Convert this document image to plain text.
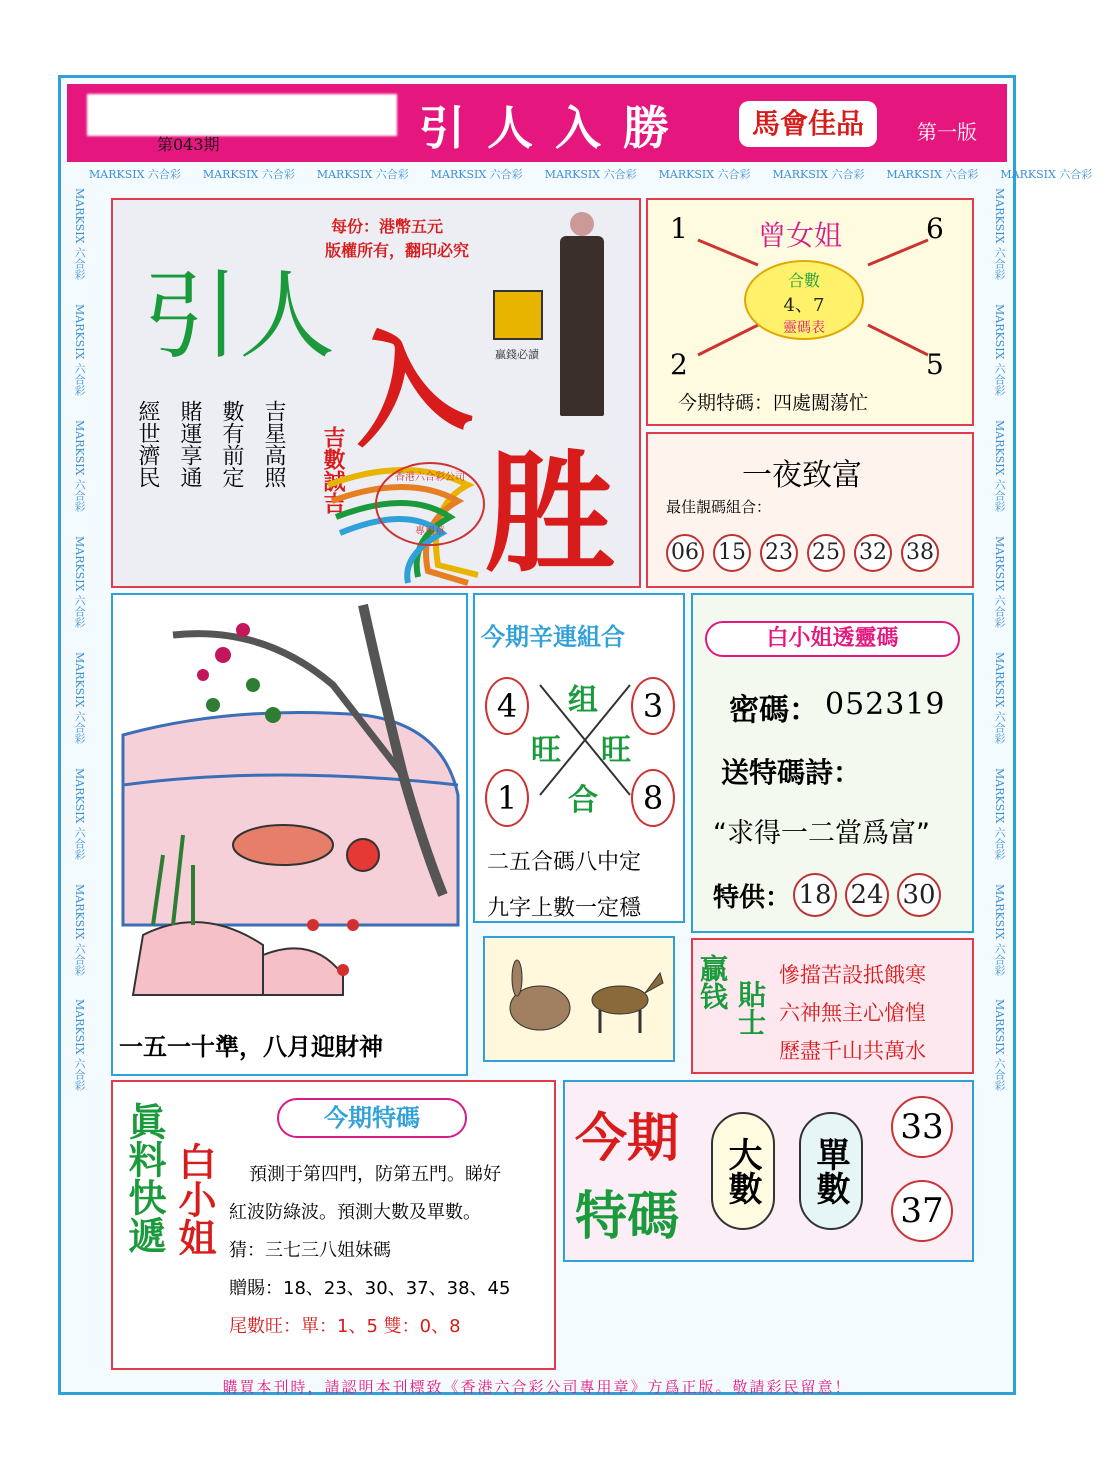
第043期	引人入勝	馬會佳品	第一版
MARKSIX 六合彩 MARKSIX 六合彩 MARKSIX 六合彩 MARKSIX 六合彩 MARKSIX 六合彩 MARKSIX 六合彩 MARKSIX 六合彩 MARKSIX 六合彩 MARKSIX 六合彩
MARKSIX 六合彩MARKSIX 六合彩MARKSIX 六合彩MARKSIX 六合彩MARKSIX 六合彩MARKSIX 六合彩MARKSIX 六合彩MARKSIX 六合彩
MARKSIX 六合彩MARKSIX 六合彩MARKSIX 六合彩MARKSIX 六合彩MARKSIX 六合彩MARKSIX 六合彩MARKSIX 六合彩MARKSIX 六合彩
每份：港幣五元
版權所有，翻印必究
引人 入
胜
贏錢必讀
經世濟民 賭運享通 數有前定 吉星高照 吉數誠吉	香港六合彩公司
專用章
曾女姐
1	6
2	5
合數
4、7
靈碼表
今期特碼：四處闖蕩忙
一夜致富
最佳靚碼組合：
06 15 23 25 32 38
一五一十準，八月迎財神
今期辛連組合
4	3
1	8
组
旺 旺
合
二五合碼八中定
九字上數一定穩
白小姐透靈碼
密碼： 052319
送特碼詩：
“求得一二當爲富”
特供： 18 24 30
贏钱 貼士
慘擋苦設抵餓寒
六神無主心愴惶
歷盡千山共萬水
眞料快遞 白小姐
今期特碼
預測于第四門，防第五門。睇好
紅波防綠波。預測大數及單數。
猜：三七三八姐妹碼
贈賜：18、23、30、37、38、45
尾數旺：單：1、5 雙：0、8
今期
特碼
大數	單數
33
37
購買本刊時，請認明本刊標致《香港六合彩公司專用章》方爲正版。敬請彩民留意！
